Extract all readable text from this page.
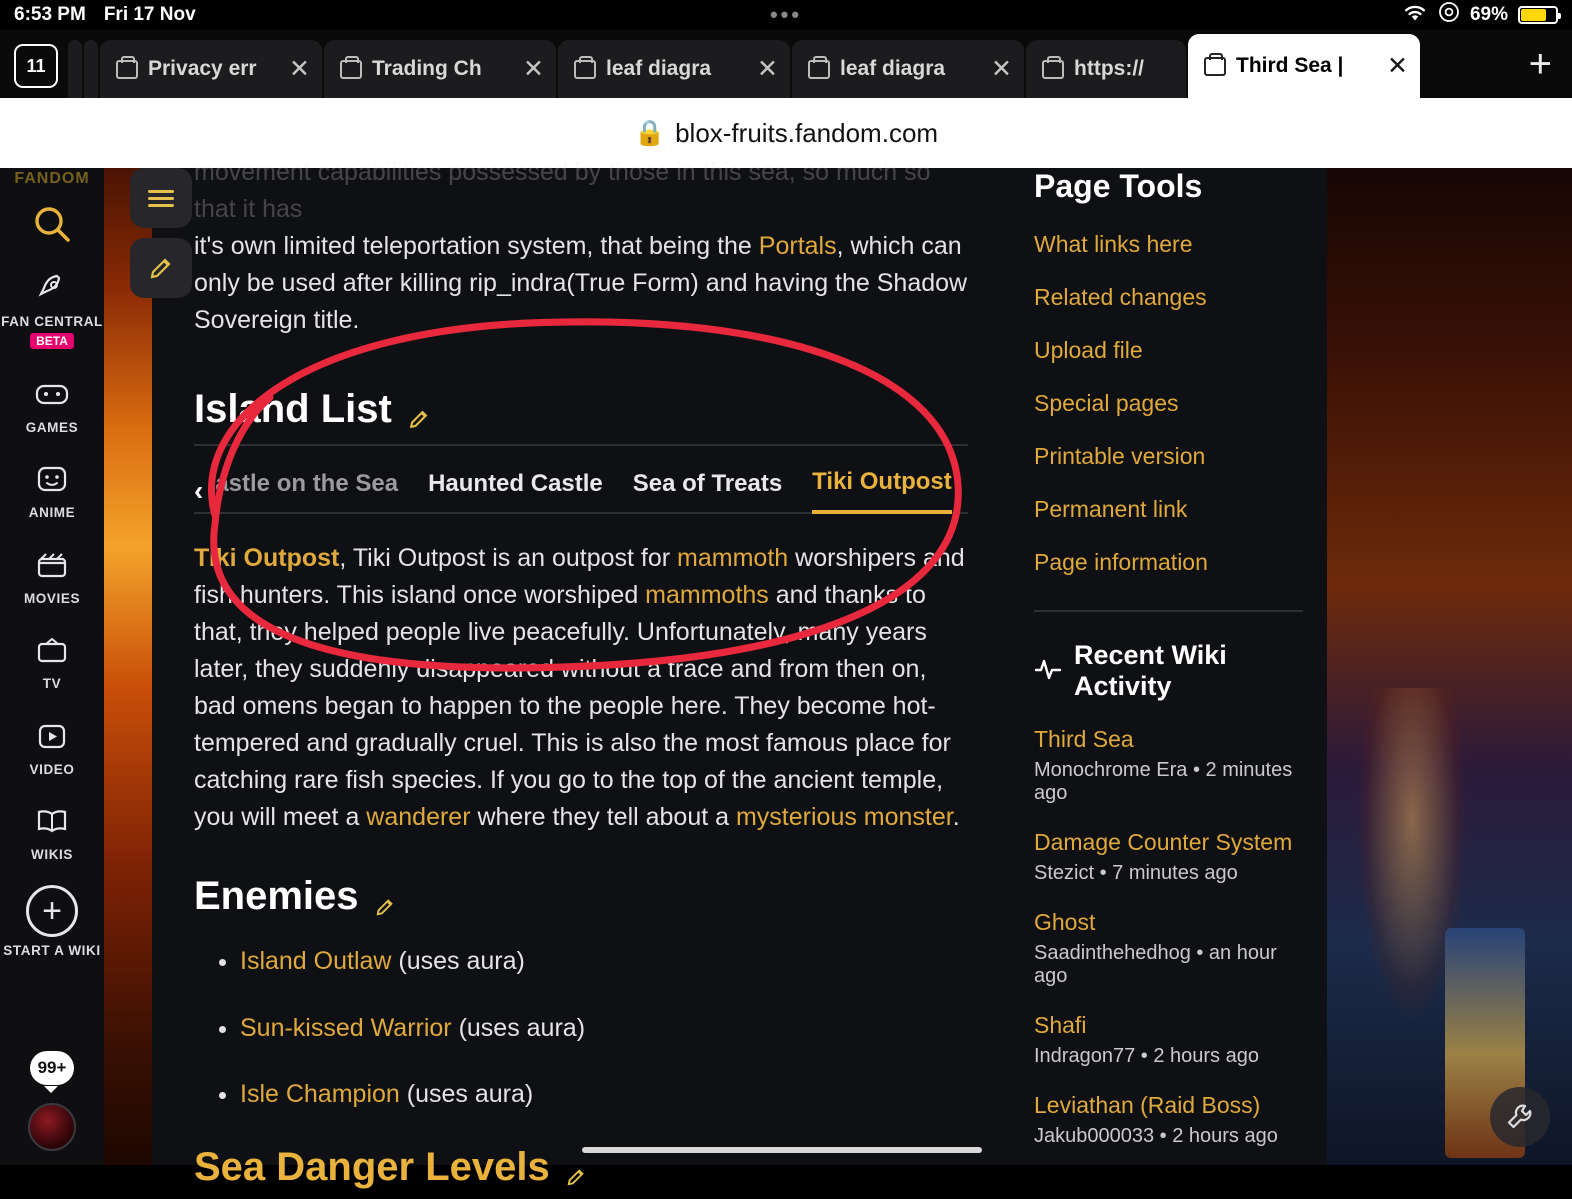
6:53 PM Fri 17 Nov	•••	69%
11	Privacy err	✕	Trading Ch	✕	leaf diagra	✕	leaf diagra	✕	https://	Third Sea |	✕	+
🔒 blox-fruits.fandom.com
FANDOM
FAN CENTRAL
BETA
GAMES
ANIME
MOVIES
TV
VIDEO
WIKIS
+
START A WIKI
99+

movement capabilities possessed by those in this sea, so much so that it has
it's own limited teleportation system, that being the Portals, which can only be used after killing rip_indra(True Form) and having the Shadow Sovereign title.

Island List
‹ astle on the Sea Haunted Castle Sea of Treats Tiki Outpost

Tiki Outpost, Tiki Outpost is an outpost for mammoth worshipers and fish hunters. This island once worshiped mammoths and thanks to that, they helped people live peacefully. Unfortunately, many years later, they suddenly disappeared without a trace and from then on, bad omens began to happen to the people here. They become hot-tempered and gradually cruel. This is also the most famous place for catching rare fish species. If you go to the top of the ancient temple, you will meet a wanderer where they tell about a mysterious monster.

Enemies
• Island Outlaw (uses aura)
• Sun-kissed Warrior (uses aura)
• Isle Champion (uses aura)
Sea Danger Levels
Page Tools
What links here
Related changes
Upload file
Special pages
Printable version
Permanent link
Page information
Recent Wiki Activity
Third Sea
Monochrome Era • 2 minutes ago
Damage Counter System
Stezict • 7 minutes ago
Ghost
Saadinthehedhog • an hour ago
Shafi
Indragon77 • 2 hours ago
Leviathan (Raid Boss)
Jakub000033 • 2 hours ago
